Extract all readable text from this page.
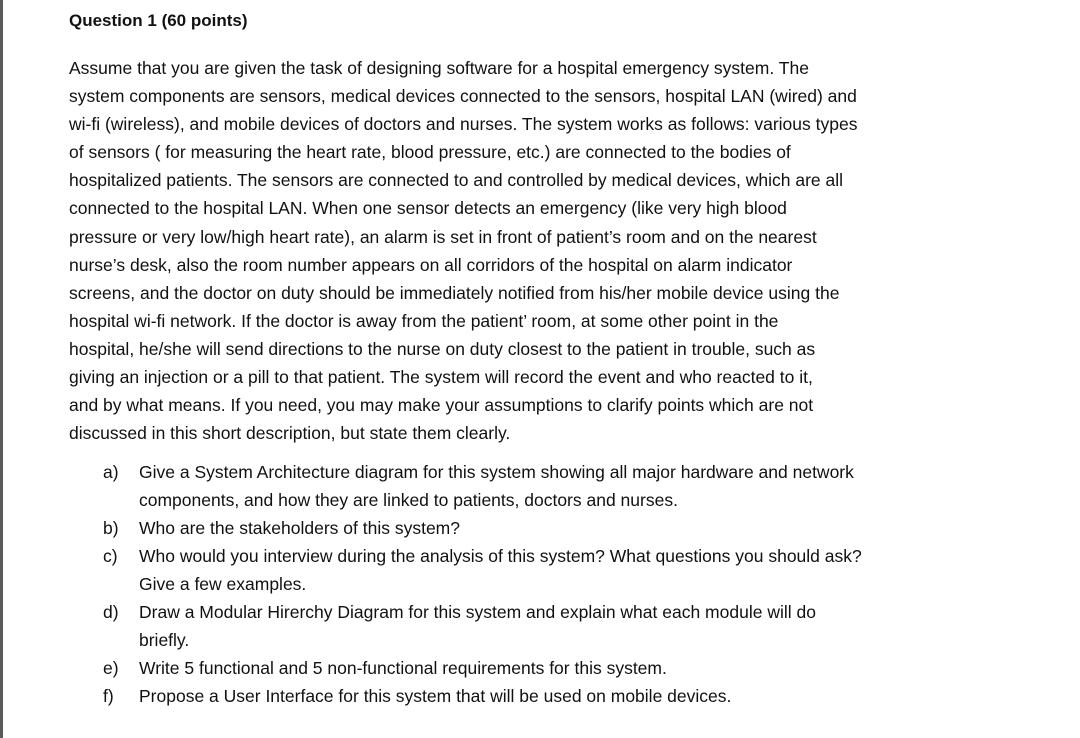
Question 1 (60 points)
Assume that you are given the task of designing software for a hospital emergency system. The
system components are sensors, medical devices connected to the sensors, hospital LAN (wired) and
wi-fi (wireless), and mobile devices of doctors and nurses. The system works as follows: various types
of sensors ( for measuring the heart rate, blood pressure, etc.) are connected to the bodies of
hospitalized patients. The sensors are connected to and controlled by medical devices, which are all
connected to the hospital LAN. When one sensor detects an emergency (like very high blood
pressure or very low/high heart rate), an alarm is set in front of patient’s room and on the nearest
nurse’s desk, also the room number appears on all corridors of the hospital on alarm indicator
screens, and the doctor on duty should be immediately notified from his/her mobile device using the
hospital wi-fi network. If the doctor is away from the patient’ room, at some other point in the
hospital, he/she will send directions to the nurse on duty closest to the patient in trouble, such as
giving an injection or a pill to that patient. The system will record the event and who reacted to it,
and by what means. If you need, you may make your assumptions to clarify points which are not
discussed in this short description, but state them clearly.
a) Give a System Architecture diagram for this system showing all major hardware and network
components, and how they are linked to patients, doctors and nurses.
b) Who are the stakeholders of this system?
c) Who would you interview during the analysis of this system? What questions you should ask?
Give a few examples.
d) Draw a Modular Hirerchy Diagram for this system and explain what each module will do
briefly.
e) Write 5 functional and 5 non-functional requirements for this system.
f) Propose a User Interface for this system that will be used on mobile devices.
